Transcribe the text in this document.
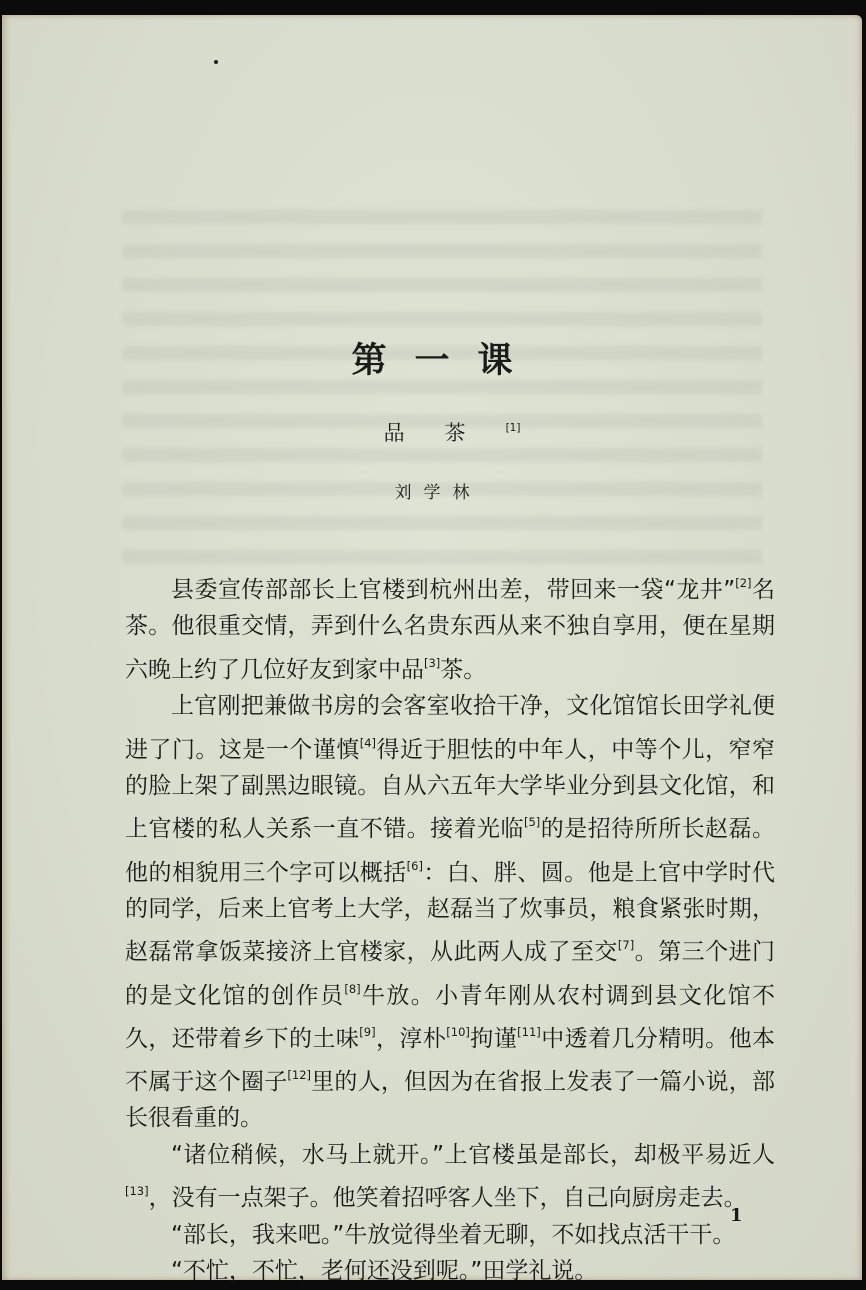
第一课
品茶[1]
刘学林

县委宣传部部长上官楼到杭州出差，带回来一袋“龙井”[2]名茶。他很重交情，弄到什么名贵东西从来不独自享用，便在星期六晚上约了几位好友到家中品[3]茶。

上官刚把兼做书房的会客室收拾干净，文化馆馆长田学礼便进了门。这是一个谨慎[4]得近于胆怯的中年人，中等个儿，窄窄的脸上架了副黑边眼镜。自从六五年大学毕业分到县文化馆，和上官楼的私人关系一直不错。接着光临[5]的是招待所所长赵磊。他的相貌用三个字可以概括[6]：白、胖、圆。他是上官中学时代的同学，后来上官考上大学，赵磊当了炊事员，粮食紧张时期，赵磊常拿饭菜接济上官楼家，从此两人成了至交[7]。第三个进门的是文化馆的创作员[8]牛放。小青年刚从农村调到县文化馆不久，还带着乡下的土味[9]，淳朴[10]拘谨[11]中透着几分精明。他本不属于这个圈子[12]里的人，但因为在省报上发表了一篇小说，部长很看重的。

“诸位稍候，水马上就开。”上官楼虽是部长，却极平易近人[13]，没有一点架子。他笑着招呼客人坐下，自己向厨房走去。

“部长，我来吧。”牛放觉得坐着无聊，不如找点活干干。

“不忙，不忙，老何还没到呢。”田学礼说。

1
